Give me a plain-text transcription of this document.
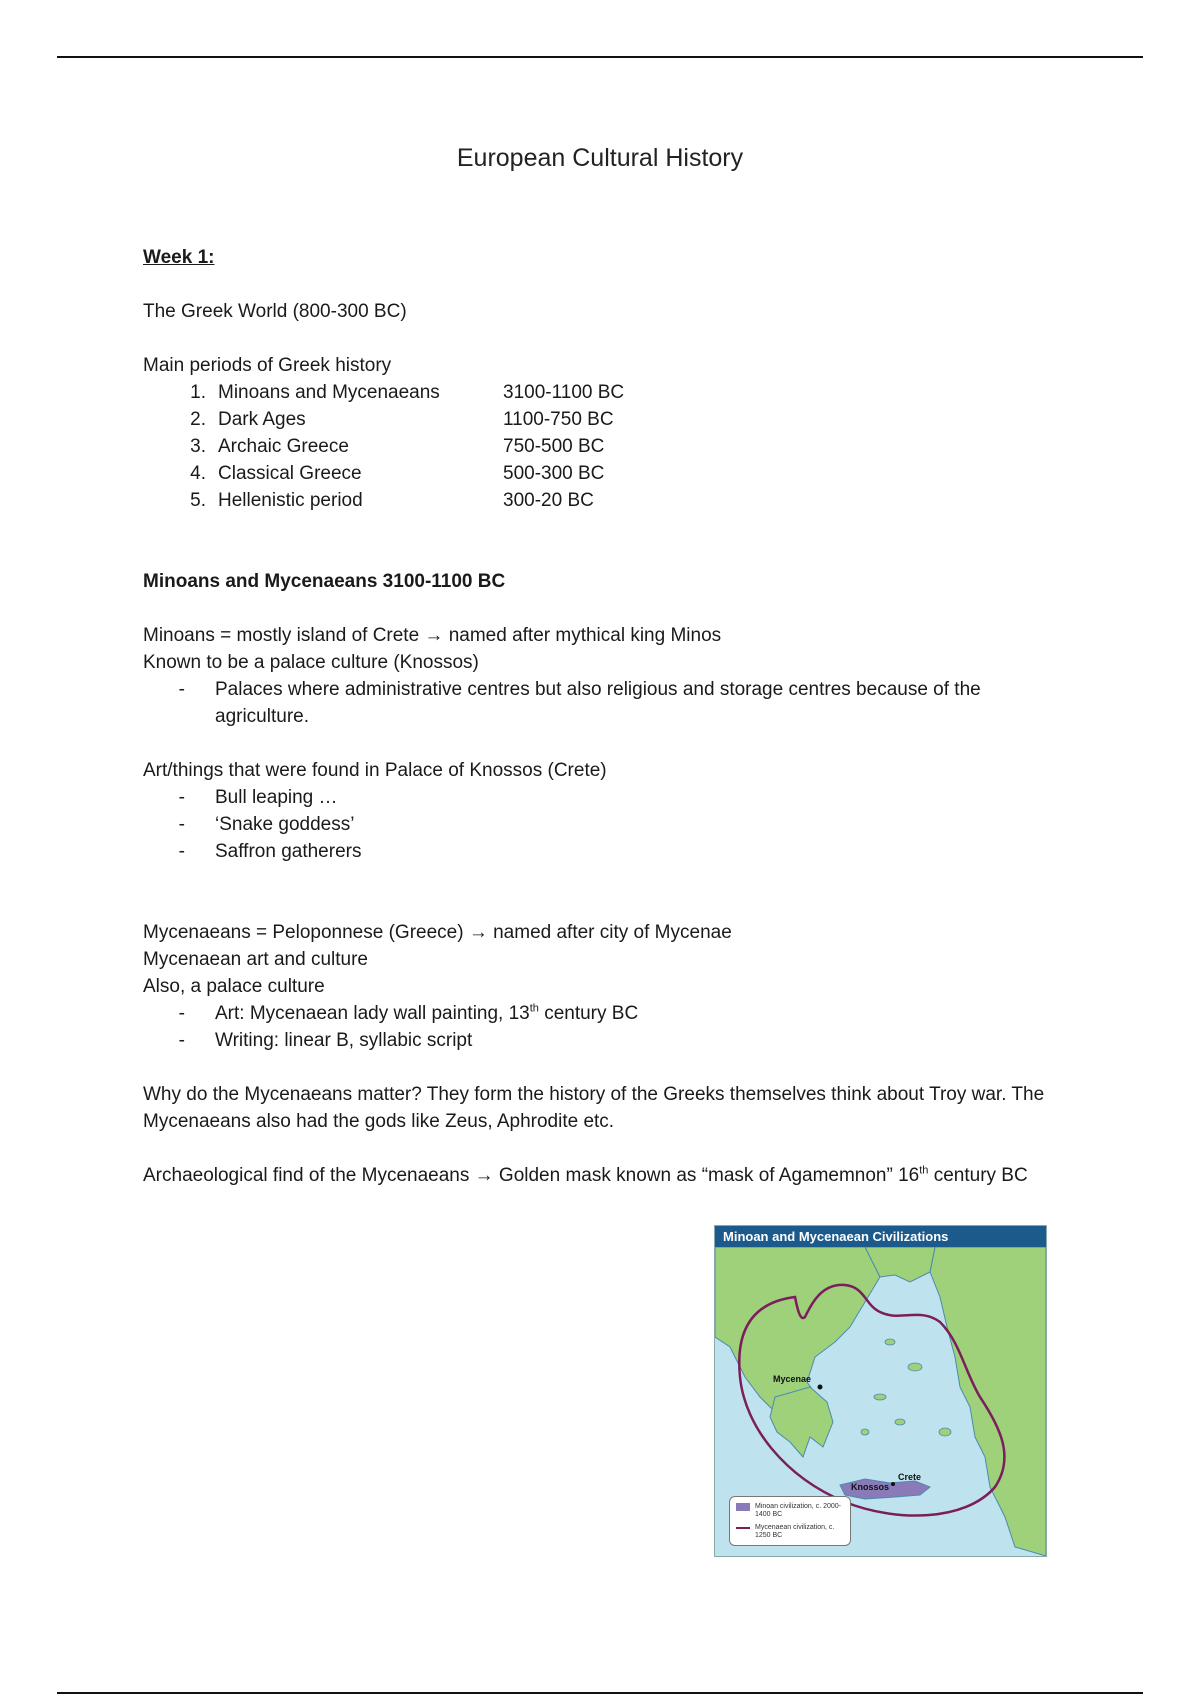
European Cultural History

Week 1:

The Greek World (800-300 BC)

Main periods of Greek history

1. Minoans and Mycenaeans	3100-1100 BC
2. Dark Ages	1100-750 BC
3. Archaic Greece	750-500 BC
4. Classical Greece	500-300 BC
5. Hellenistic period	300-20 BC

Minoans and Mycenaeans 3100-1100 BC

Minoans = mostly island of Crete → named after mythical king Minos

Known to be a palace culture (Knossos)

-	Palaces where administrative centres but also religious and storage centres because of the agriculture.

Art/things that were found in Palace of Knossos (Crete)

-	Bull leaping …
-	‘Snake goddess’
-	Saffron gatherers

Mycenaeans = Peloponnese (Greece) → named after city of Mycenae

Mycenaean art and culture

Also, a palace culture

-	Art: Mycenaean lady wall painting, 13th century BC
-	Writing: linear B, syllabic script

Why do the Mycenaeans matter? They form the history of the Greeks themselves think about Troy war. The Mycenaeans also had the gods like Zeus, Aphrodite etc.

Archaeological find of the Mycenaeans → Golden mask known as “mask of Agamemnon” 16th century BC

Minoan and Mycenaean Civilizations
Mycenae
Crete
Knossos
Minoan civilization, c. 2000-1400 BC
Mycenaean civilization, c. 1250 BC
